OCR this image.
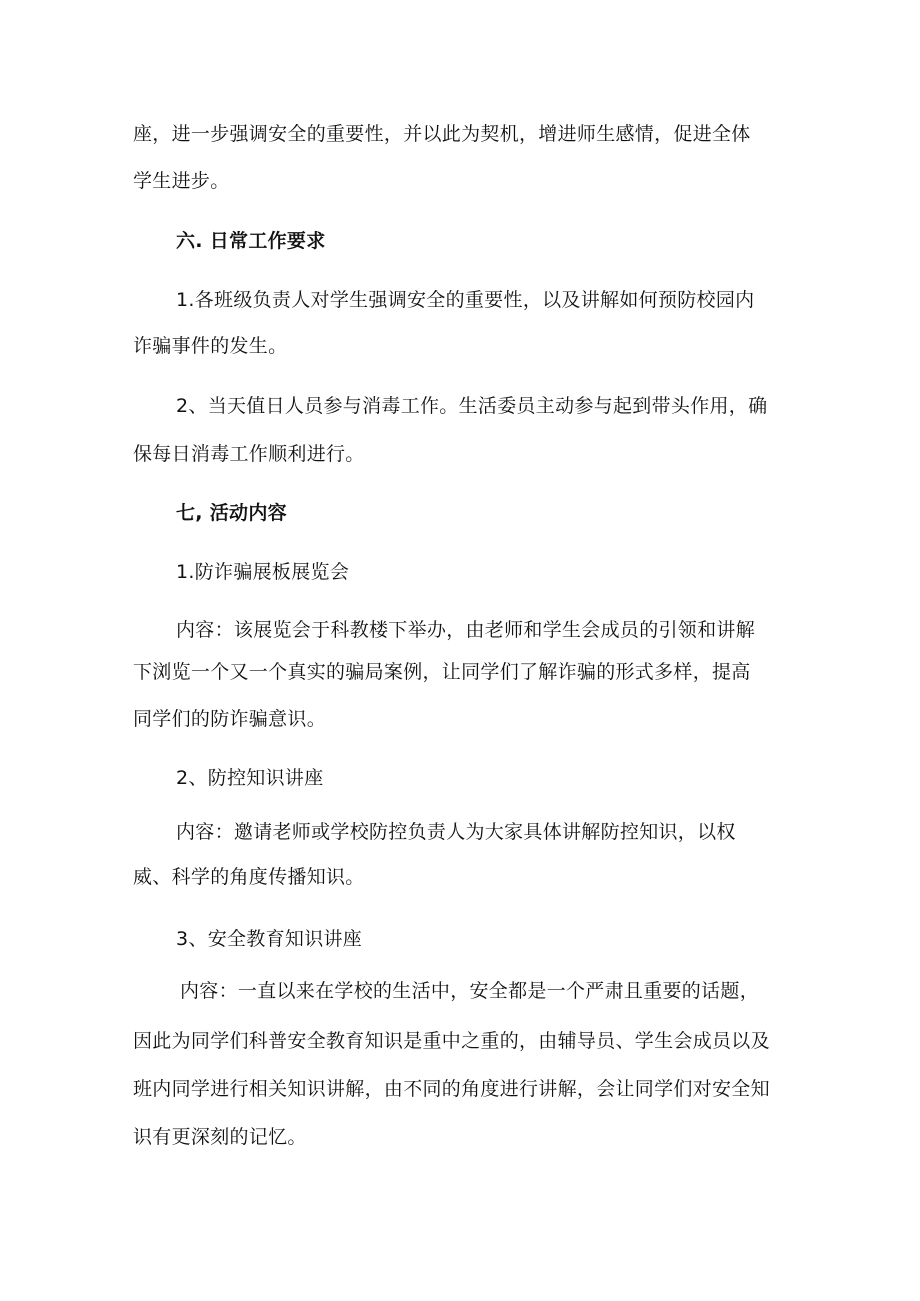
座，进一步强调安全的重要性，并以此为契机，增进师生感情，促进全体
学生进步。
六. 日常工作要求
1.各班级负责人对学生强调安全的重要性，以及讲解如何预防校园内
诈骗事件的发生。
2、当天值日人员参与消毒工作。生活委员主动参与起到带头作用，确
保每日消毒工作顺利进行。
七, 活动内容
1.防诈骗展板展览会
内容：该展览会于科教楼下举办，由老师和学生会成员的引领和讲解
下浏览一个又一个真实的骗局案例，让同学们了解诈骗的形式多样，提高
同学们的防诈骗意识。
2、防控知识讲座
内容：邀请老师或学校防控负责人为大家具体讲解防控知识，以权
威、科学的角度传播知识。
3、安全教育知识讲座
内容：一直以来在学校的生活中，安全都是一个严肃且重要的话题，
因此为同学们科普安全教育知识是重中之重的，由辅导员、学生会成员以及
班内同学进行相关知识讲解，由不同的角度进行讲解，会让同学们对安全知
识有更深刻的记忆。
